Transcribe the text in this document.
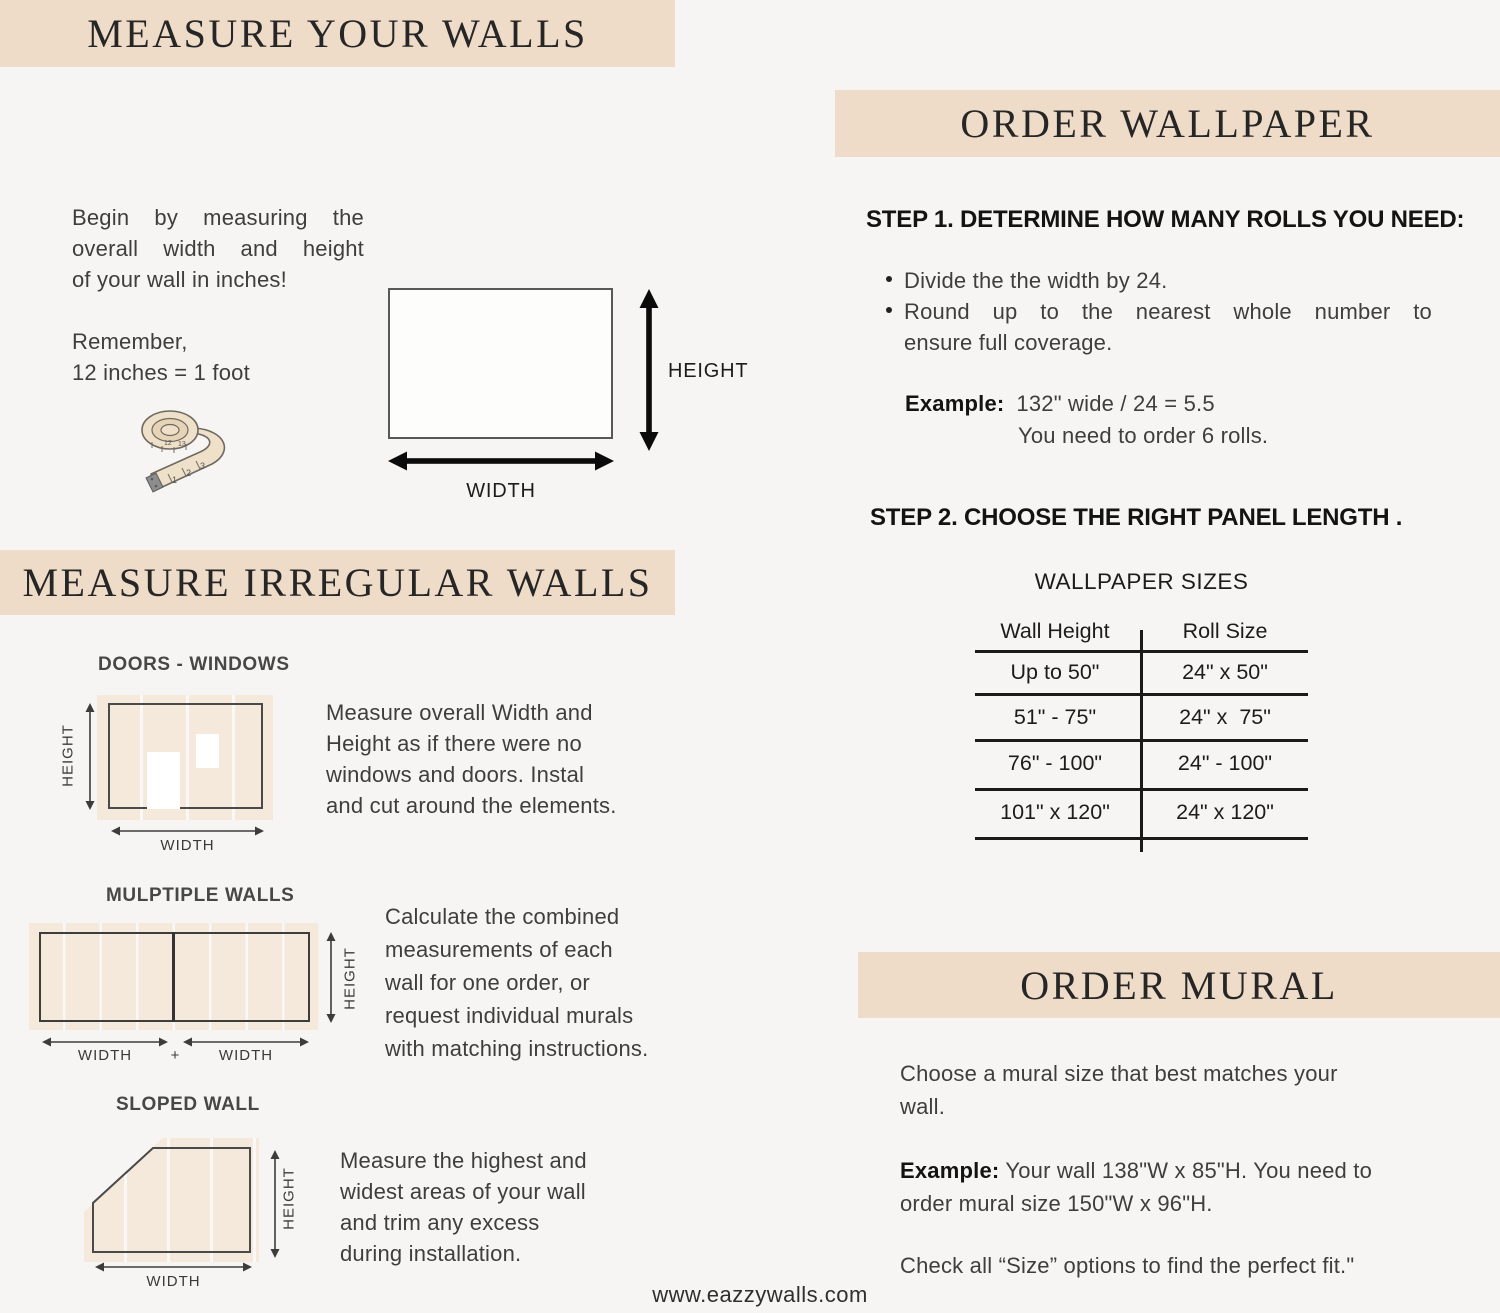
MEASURE YOUR WALLS
Begin by measuring the
overall width and height
of your wall in inches!
Remember,
12 inches = 1 foot
12 13
1
2
3
HEIGHT
WIDTH
MEASURE IRREGULAR WALLS
DOORS - WINDOWS
HEIGHT
WIDTH
Measure overall Width and
Height as if there were no
windows and doors. Instal
and cut around the elements.
MULPTIPLE WALLS
HEIGHT
WIDTH	+	WIDTH
Calculate the combined
measurements of each
wall for one order, or
request individual murals
with matching instructions.
SLOPED WALL
HEIGHT
WIDTH
Measure the highest and
widest areas of your wall
and trim any excess
during installation.
ORDER WALLPAPER
STEP 1. DETERMINE HOW MANY ROLLS YOU NEED:
Divide the the width by 24.
Round up to the nearest whole number to
ensure full coverage.
Example: 132" wide / 24 = 5.5
You need to order 6 rolls.
STEP 2. CHOOSE THE RIGHT PANEL LENGTH .
WALLPAPER SIZES
Wall Height	Roll Size
Up to 50"	24" x 50"
51" - 75"	24" x  75"
76" - 100"	24" - 100"
101" x 120"	24" x 120"
ORDER MURAL
Choose a mural size that best matches your
wall.
Example: Your wall 138"W x 85"H. You need to
order mural size 150"W x 96"H.
Check all “Size” options to find the perfect fit."
www.eazzywalls.com
